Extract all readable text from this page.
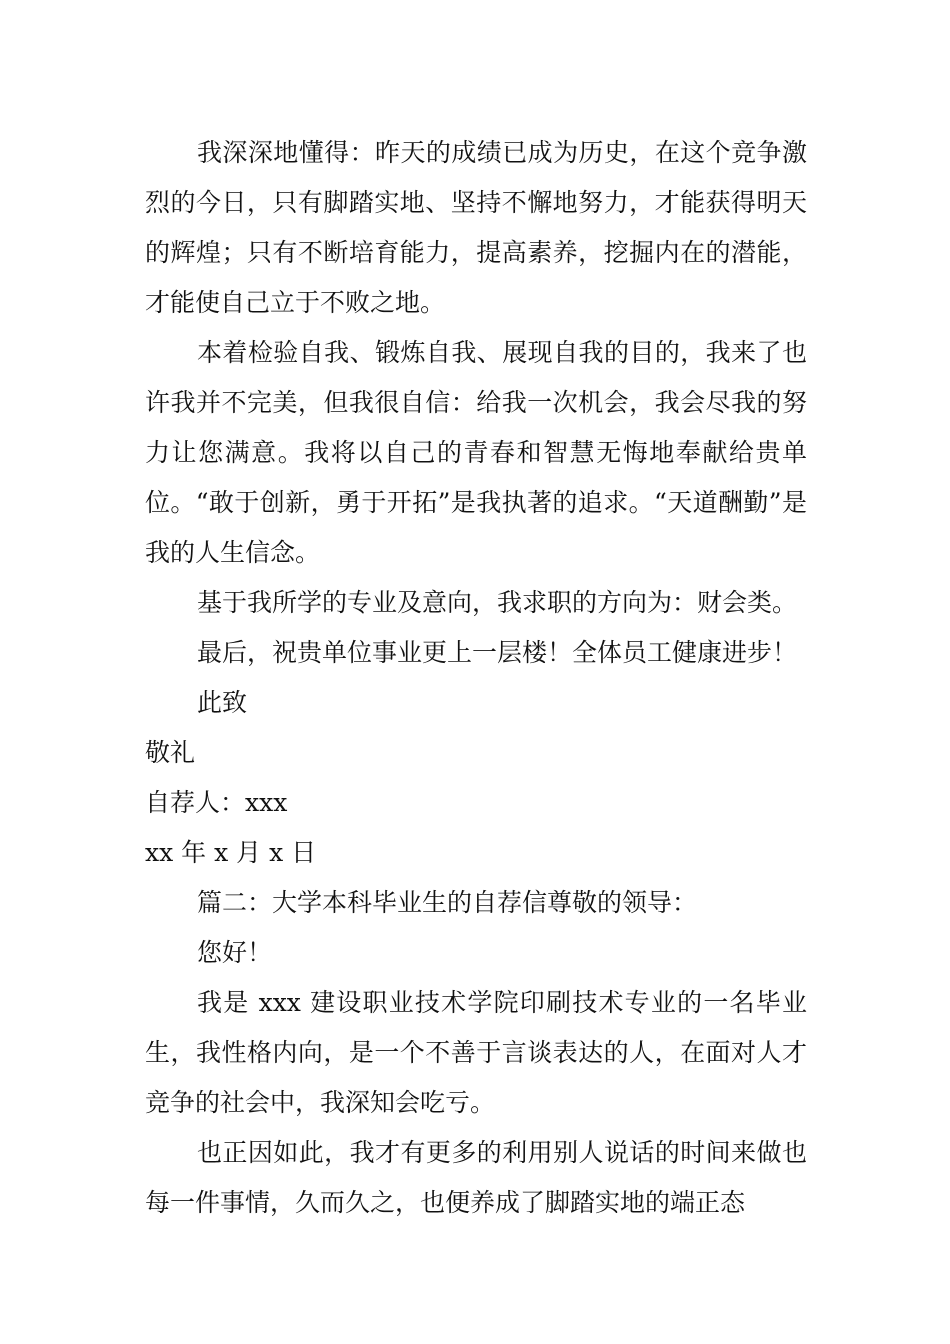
我深深地懂得：昨天的成绩已成为历史，在这个竞争激烈的今日，只有脚踏实地、坚持不懈地努力，才能获得明天的辉煌；只有不断培育能力，提高素养，挖掘内在的潜能，才能使自己立于不败之地。

本着检验自我、锻炼自我、展现自我的目的，我来了也许我并不完美，但我很自信：给我一次机会，我会尽我的努力让您满意。我将以自己的青春和智慧无悔地奉献给贵单位。“敢于创新，勇于开拓”是我执著的追求。“天道酬勤”是我的人生信念。

基于我所学的专业及意向，我求职的方向为：财会类。

最后，祝贵单位事业更上一层楼！全体员工健康进步！

此致

敬礼

自荐人：xxx

xx 年 x 月 x 日

篇二：大学本科毕业生的自荐信尊敬的领导：

您好！

我是 xxx 建设职业技术学院印刷技术专业的一名毕业生，我性格内向，是一个不善于言谈表达的人，在面对人才竞争的社会中，我深知会吃亏。

也正因如此，我才有更多的利用别人说话的时间来做也每一件事情，久而久之，也便养成了脚踏实地的端正态
